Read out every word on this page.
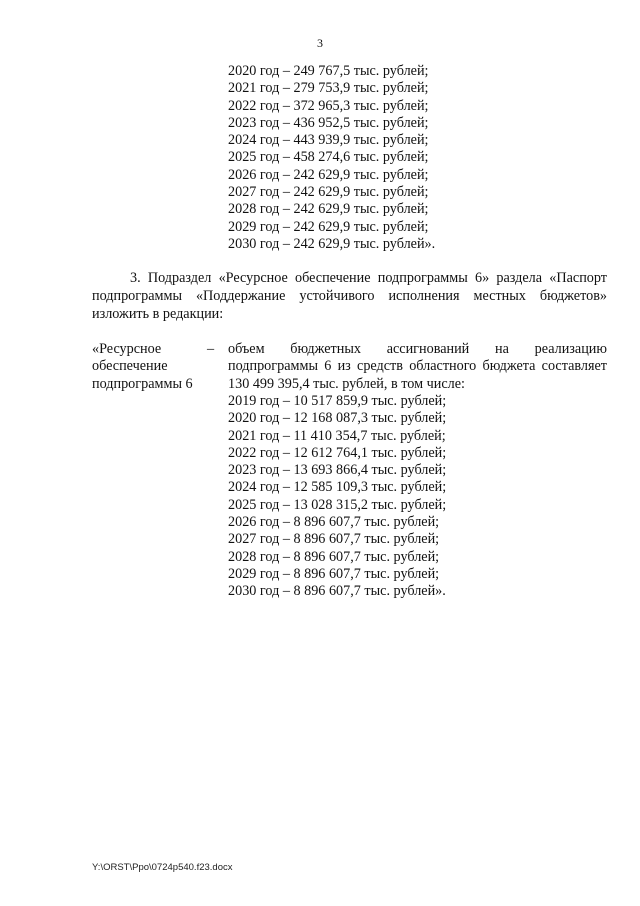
3
2020 год – 249 767,5 тыс. рублей;
2021 год – 279 753,9 тыс. рублей;
2022 год – 372 965,3 тыс. рублей;
2023 год – 436 952,5 тыс. рублей;
2024 год – 443 939,9 тыс. рублей;
2025 год – 458 274,6 тыс. рублей;
2026 год – 242 629,9 тыс. рублей;
2027 год – 242 629,9 тыс. рублей;
2028 год – 242 629,9 тыс. рублей;
2029 год – 242 629,9 тыс. рублей;
2030 год – 242 629,9 тыс. рублей».
3. Подраздел «Ресурсное обеспечение подпрограммы 6» раздела «Паспорт подпрограммы «Поддержание устойчивого исполнения местных бюджетов» изложить в редакции:
«Ресурсное обеспечение подпрограммы 6
– объем бюджетных ассигнований на реализацию подпрограммы 6 из средств областного бюджета составляет 130 499 395,4 тыс. рублей, в том числе:
2019 год – 10 517 859,9 тыс. рублей;
2020 год – 12 168 087,3 тыс. рублей;
2021 год – 11 410 354,7 тыс. рублей;
2022 год – 12 612 764,1 тыс. рублей;
2023 год – 13 693 866,4 тыс. рублей;
2024 год – 12 585 109,3 тыс. рублей;
2025 год – 13 028 315,2 тыс. рублей;
2026 год – 8 896 607,7 тыс. рублей;
2027 год – 8 896 607,7 тыс. рублей;
2028 год – 8 896 607,7 тыс. рублей;
2029 год – 8 896 607,7 тыс. рублей;
2030 год – 8 896 607,7 тыс. рублей».
Y:\ORST\Ppo\0724p540.f23.docx
